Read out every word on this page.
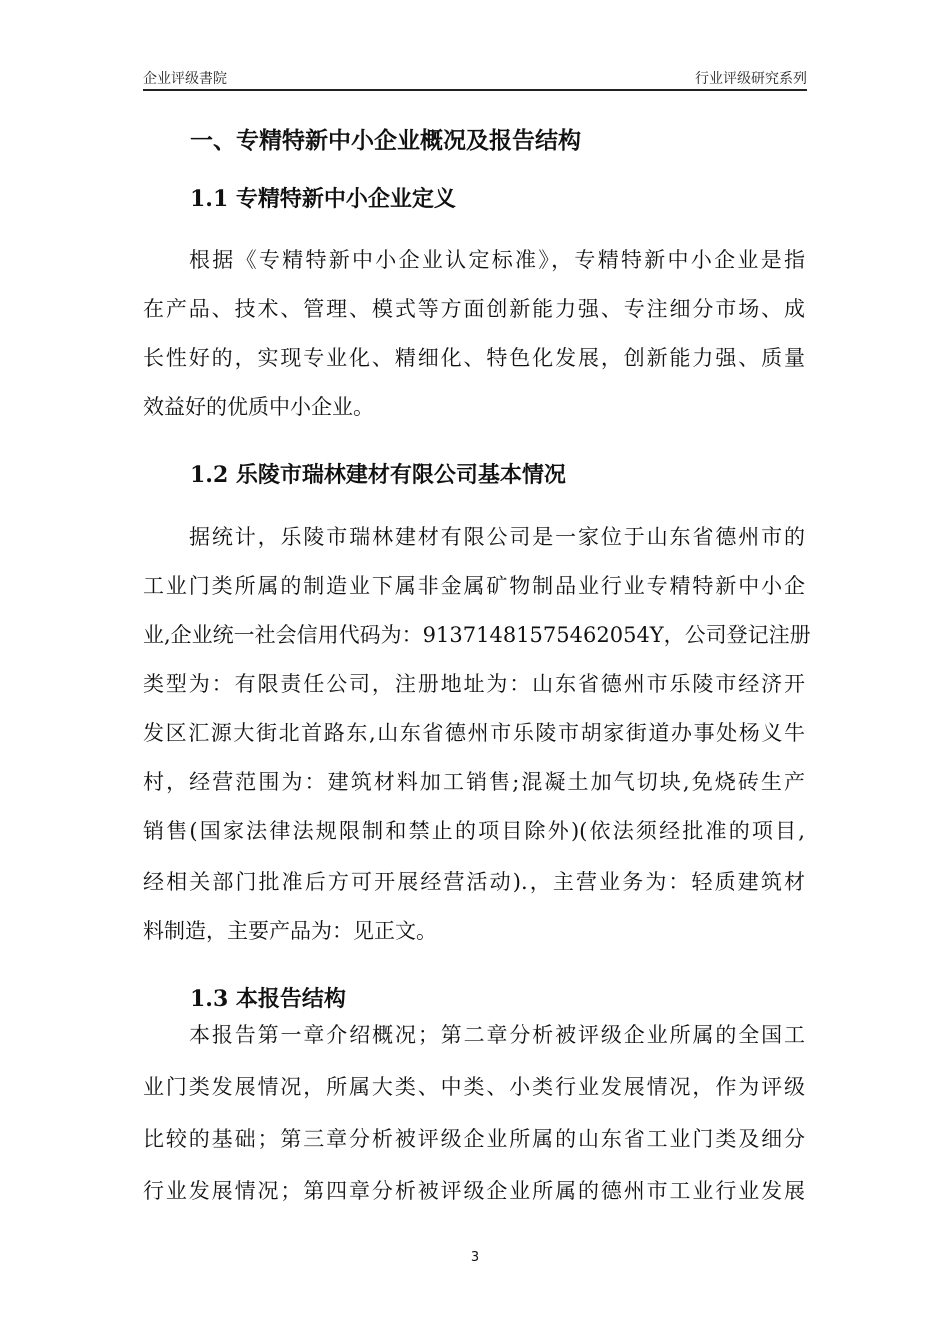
企业评级書院	行业评级研究系列
一、专精特新中小企业概况及报告结构
1.1 专精特新中小企业定义
根据《专精特新中小企业认定标准》，专精特新中小企业是指
在产品、技术、管理、模式等方面创新能力强、专注细分市场、成
长性好的，实现专业化、精细化、特色化发展，创新能力强、质量
效益好的优质中小企业。
1.2 乐陵市瑞林建材有限公司基本情况
据统计，乐陵市瑞林建材有限公司是一家位于山东省德州市的
工业门类所属的制造业下属非金属矿物制品业行业专精特新中小企
业,企业统一社会信用代码为：91371481575462054Y，公司登记注册
类型为：有限责任公司，注册地址为：山东省德州市乐陵市经济开
发区汇源大街北首路东,山东省德州市乐陵市胡家街道办事处杨义牛
村，经营范围为：建筑材料加工销售;混凝土加气切块,免烧砖生产
销售(国家法律法规限制和禁止的项目除外)(依法须经批准的项目,
经相关部门批准后方可开展经营活动).，主营业务为：轻质建筑材
料制造，主要产品为：见正文。
1.3 本报告结构
本报告第一章介绍概况；第二章分析被评级企业所属的全国工
业门类发展情况，所属大类、中类、小类行业发展情况，作为评级
比较的基础；第三章分析被评级企业所属的山东省工业门类及细分
行业发展情况；第四章分析被评级企业所属的德州市工业行业发展
3
